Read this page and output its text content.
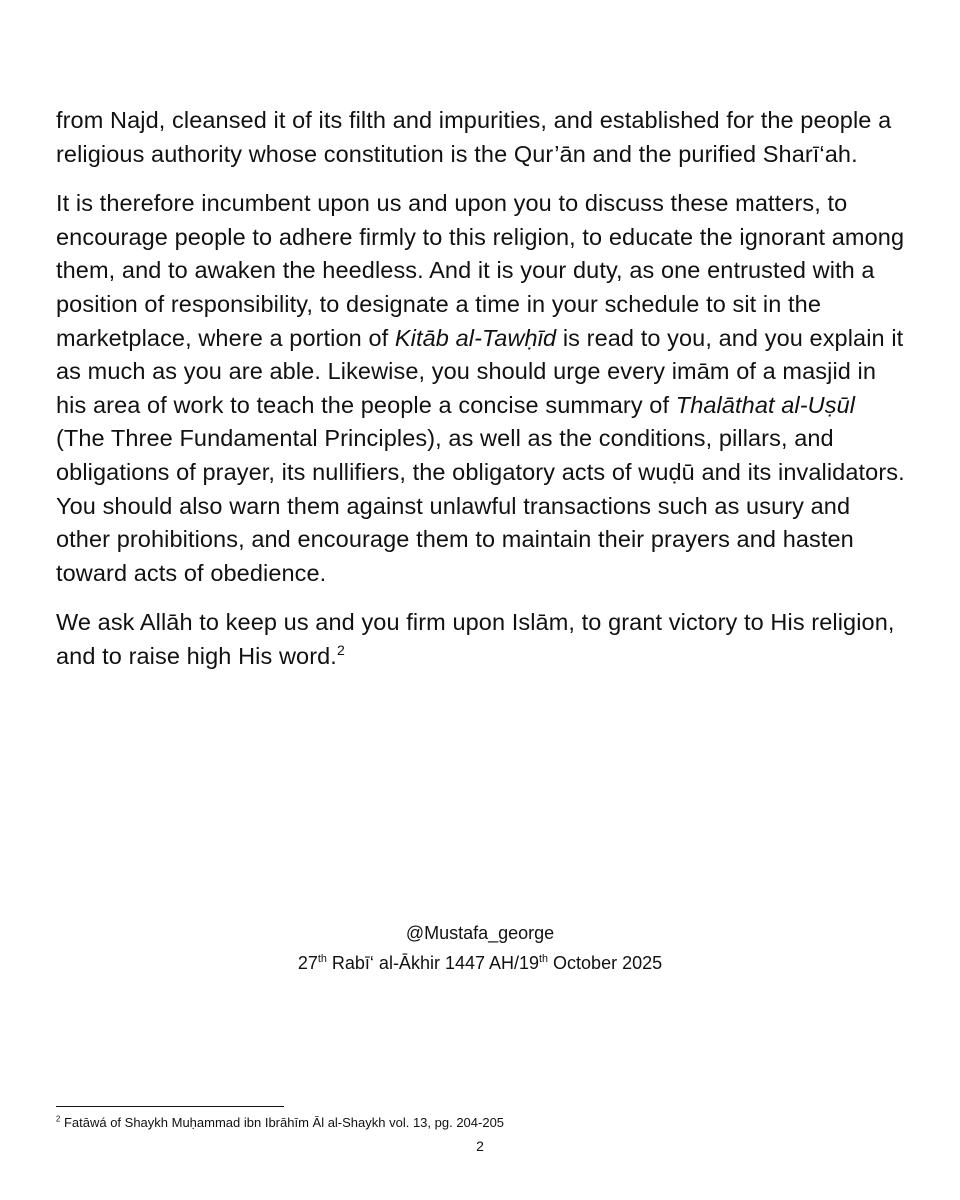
from Najd, cleansed it of its filth and impurities, and established for the people a religious authority whose constitution is the Qur’ān and the purified Sharī‘ah.

It is therefore incumbent upon us and upon you to discuss these matters, to encourage people to adhere firmly to this religion, to educate the ignorant among them, and to awaken the heedless. And it is your duty, as one entrusted with a position of responsibility, to designate a time in your schedule to sit in the marketplace, where a portion of Kitāb al-Tawḥīd is read to you, and you explain it as much as you are able. Likewise, you should urge every imām of a masjid in his area of work to teach the people a concise summary of Thalāthat al-Uṣūl (The Three Fundamental Principles), as well as the conditions, pillars, and obligations of prayer, its nullifiers, the obligatory acts of wuḍū and its invalidators. You should also warn them against unlawful transactions such as usury and other prohibitions, and encourage them to maintain their prayers and hasten toward acts of obedience.

We ask Allāh to keep us and you firm upon Islām, to grant victory to His religion, and to raise high His word.$^2$

@Mustafa_george
27th Rabī‘ al-Ākhir 1447 AH/19th October 2025
$^2$ Fatāwá of Shaykh Muḥammad ibn Ibrāhīm Āl al-Shaykh vol. 13, pg. 204-205
2
